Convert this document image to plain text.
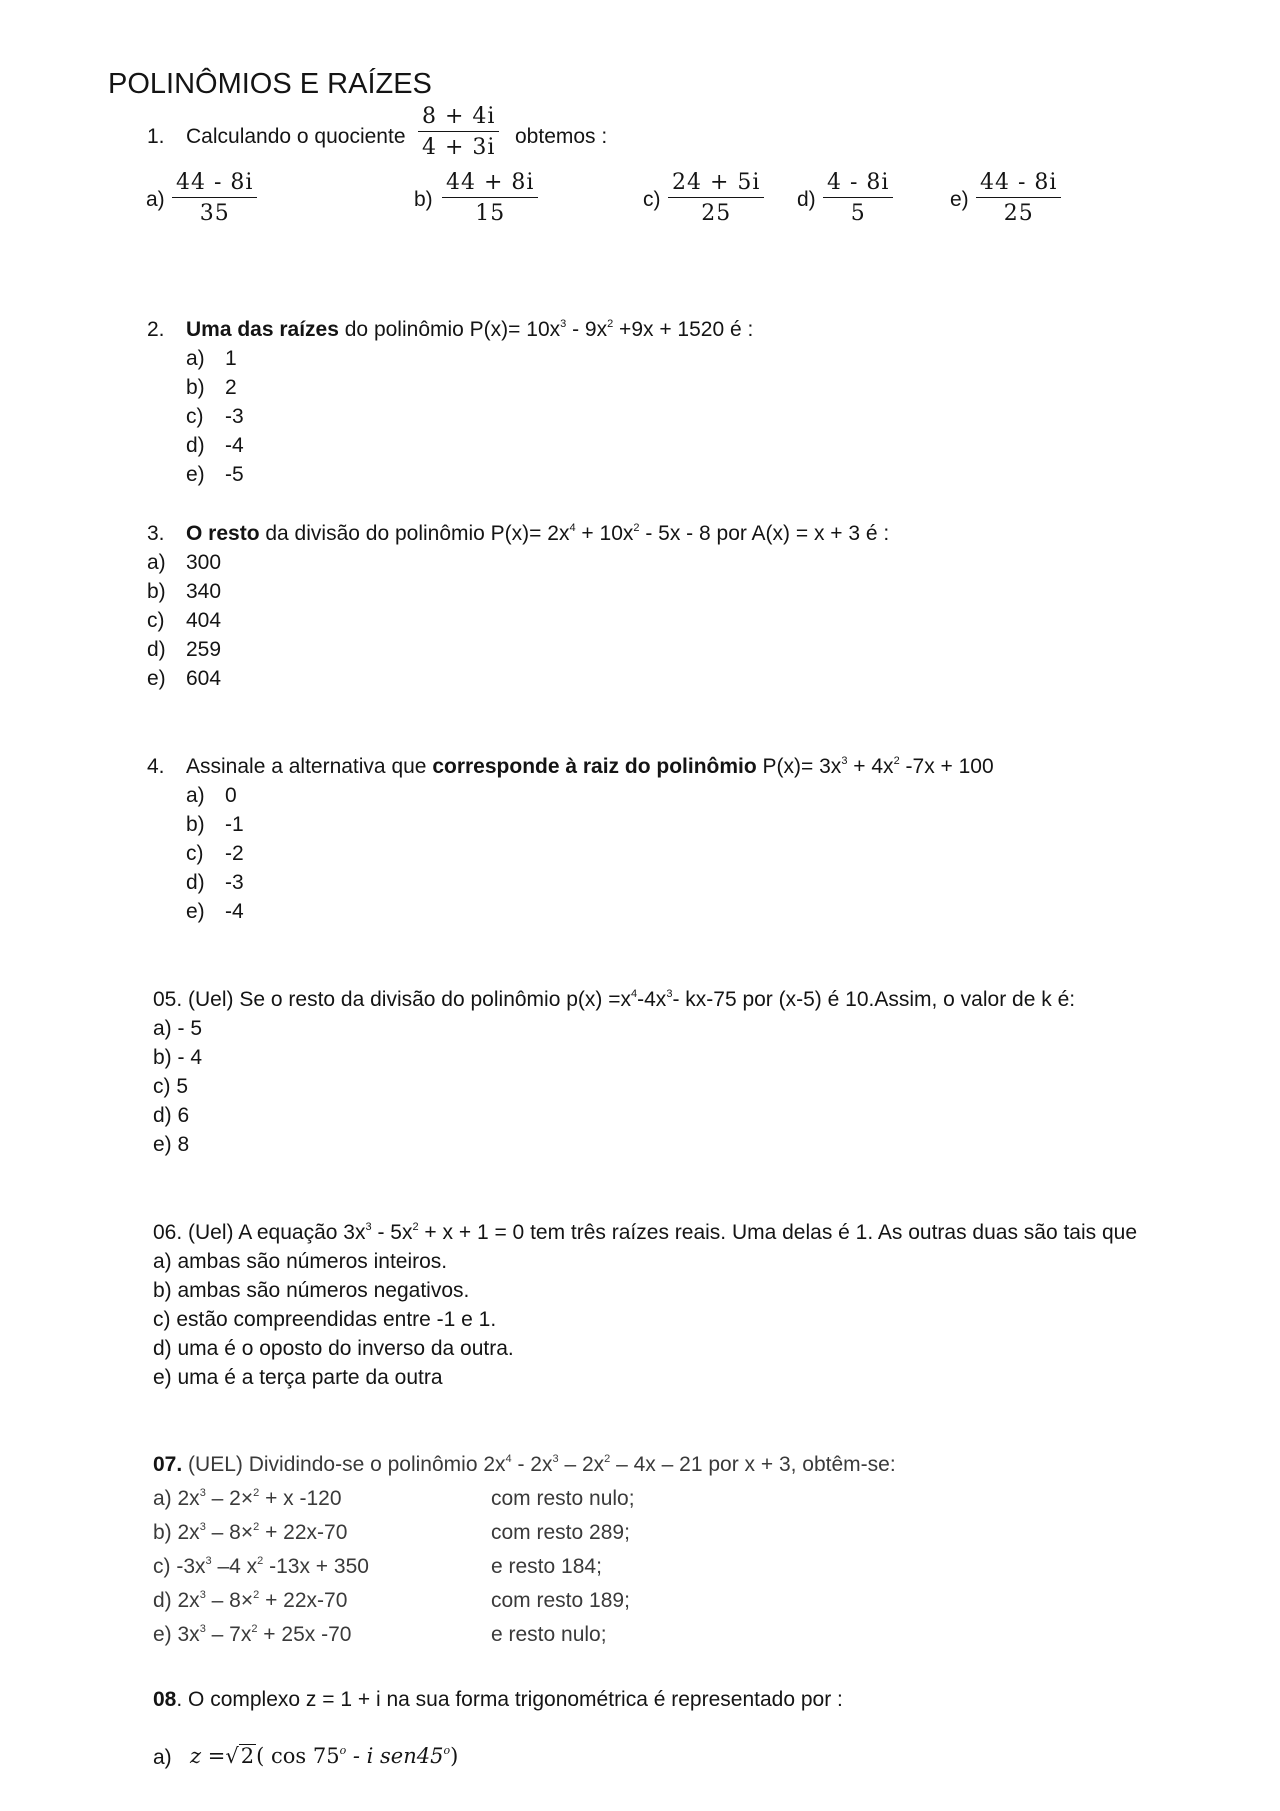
POLINÔMIOS E RAÍZES
1. Calculando o quociente $\frac{8 + 4i}{4 + 3i}$ obtemos :
$a) \frac{44 - 8i}{35}$	$b) \frac{44 + 8i}{15}$	$c) \frac{24 + 5i}{25} d) \frac{4 - 8i}{5}$	$e) \frac{44 - 8i}{25}$
2. Uma das raízes do polinômio $P(x)= 10x^3 - 9x^2 +9x + 1520$ é :
a) 1
b) 2
c) -3
d) -4
e) -5
3. O resto da divisão do polinômio $P(x)= 2x^4 + 10x^2 - 5x - 8$ por A(x) = x + 3 é :
a) 300
b) 340
c) 404
d) 259
e) 604
4. Assinale a alternativa que corresponde à raiz do polinômio $P(x)= 3x^3 + 4x^2$ -7x + 100
a) 0
b) -1
c) -2
d) -3
e) -4
05. (Uel) Se o resto da divisão do polinômio $p(x) =x^4-4x^3-$ kx-75 por (x-5) é 10.Assim, o valor de k é:
a) - 5
b) - 4
c) 5
d) 6
e) 8
06. (Uel) A equação $3x^3 - 5x^2 + x + 1 = 0$ tem três raízes reais. Uma delas é 1. As outras duas são tais que
a) ambas são números inteiros.
b) ambas são números negativos.
c) estão compreendidas entre -1 e 1.
d) uma é o oposto do inverso da outra.
e) uma é a terça parte da outra
07. (UEL) Dividindo-se o polinômio $2x^4 - 2x^3 - 2x^2 - 4x - 21$ por x + 3, obtêm-se:
a) $2x^3 - 2\times^2 + x$ -120	com resto nulo;
b) $2x^3 - 8\times^2 + 22x-70$	com resto 289;
c) $-3x^3$ –4 $x^2$ -13x + 350	e resto 184;
d) $2x^3 - 8\times^2 + 22x-70$	com resto 189;
e) $3x^3 - 7x^2 + 25x$ -70	e resto nulo;
08. O complexo z = 1 + i na sua forma trigonométrica é representado por :
a) z =√2( cos 75$^o$ - i sen45$^o$)
